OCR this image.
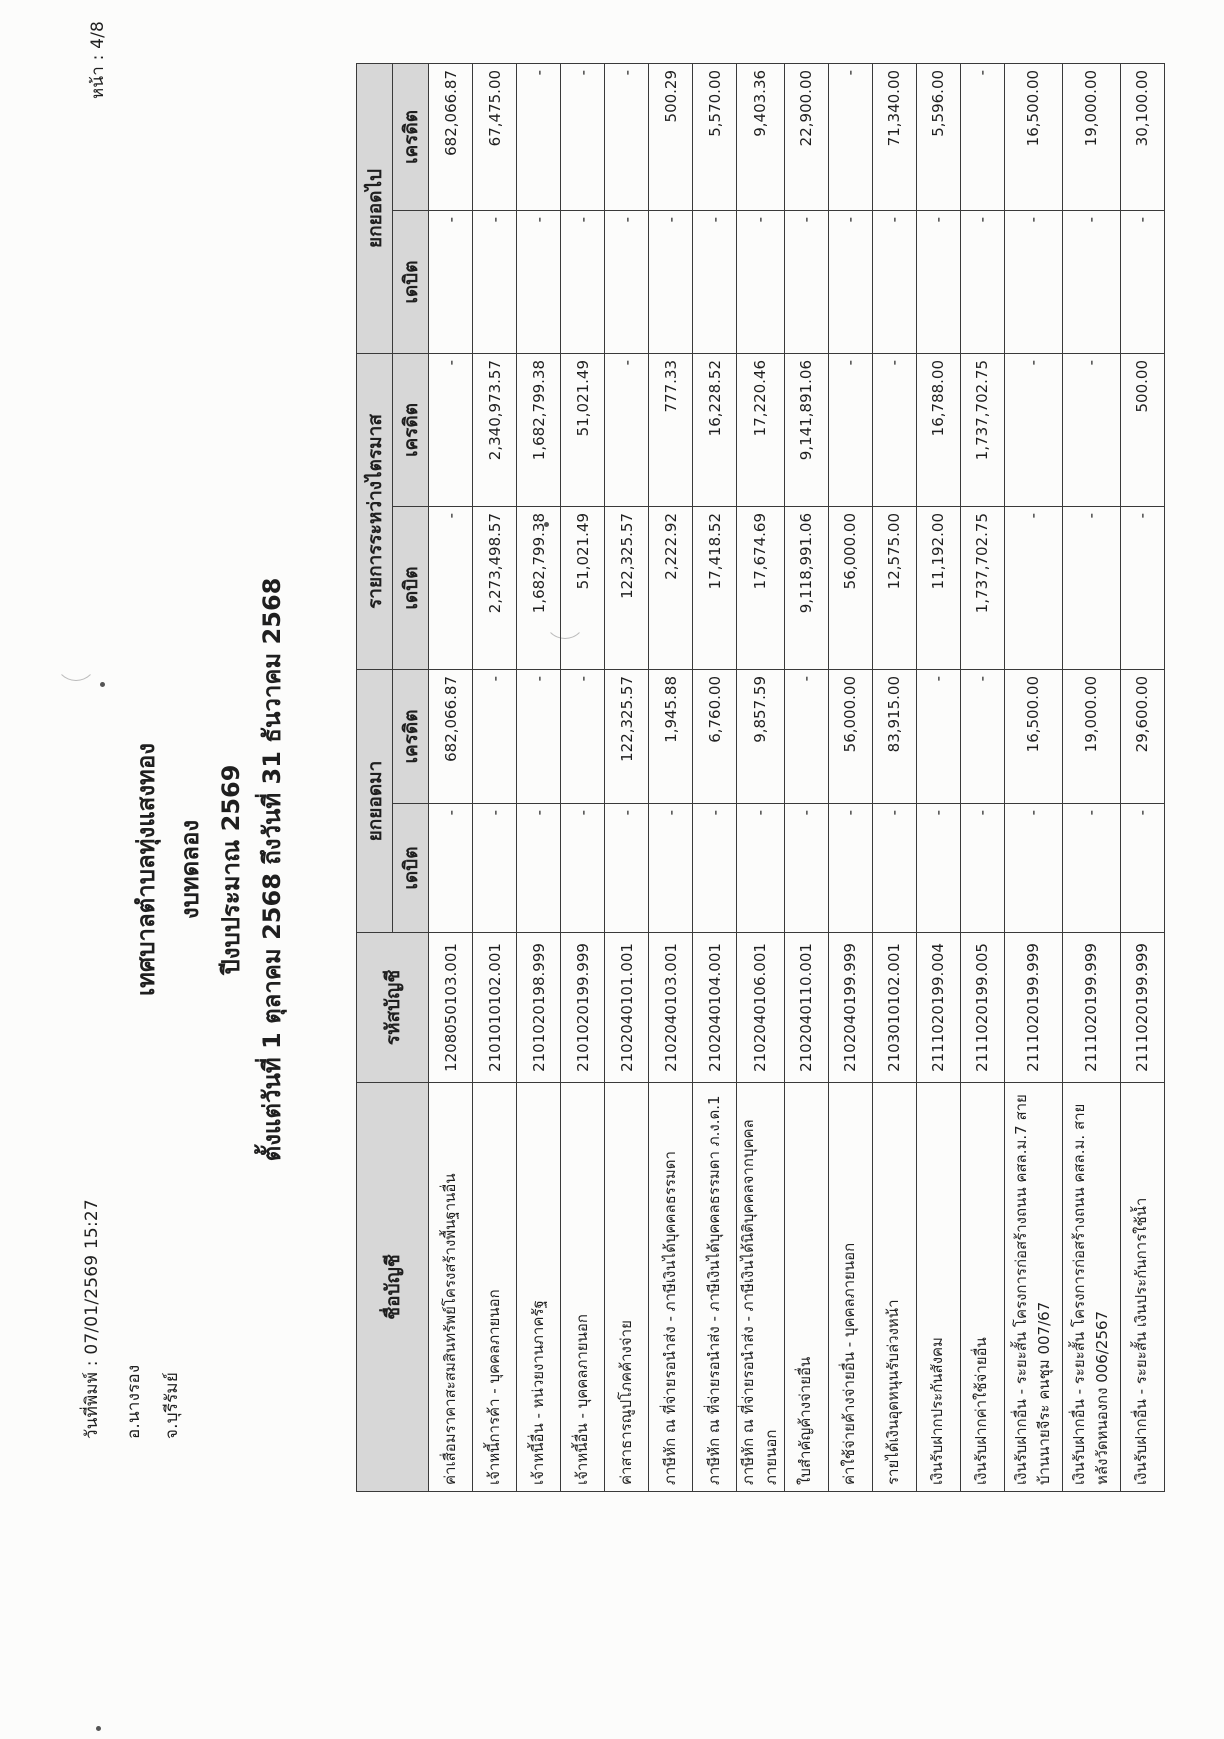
วันที่พิมพ์ : 07/01/2569 15:27 อ.นางรอง จ.บุรีรัมย์
หน้า : 4/8
เทศบาลตำบลทุ่งแสงทอง งบทดลอง ปีงบประมาณ 2569 ตั้งแต่วันที่ 1 ตุลาคม 2568 ถึงวันที่ 31 ธันวาคม 2568
ชื่อบัญชี	รหัสบัญชี	ยกยอดมา		รายการระหว่างไตรมาส		ยกยอดไป	
		เดบิต	เครดิต	เดบิต	เครดิต	เดบิต	เครดิต
ค่าเสื่อมราคาสะสมสินทรัพย์โครงสร้างพื้นฐานอื่น	1208050103.001	-	682,066.87	-	-	-	682,066.87
เจ้าหนี้การค้า - บุคคลภายนอก	2101010102.001	-	-	2,273,498.57	2,340,973.57	-	67,475.00
เจ้าหนี้อื่น - หน่วยงานภาครัฐ	2101020198.999	-	-	1,682,799.38	1,682,799.38	-	-
เจ้าหนี้อื่น - บุคคลภายนอก	2101020199.999	-	-	51,021.49	51,021.49	-	-
ค่าสาธารณูปโภคค้างจ่าย	2102040101.001	-	122,325.57	122,325.57	-	-	-
ภาษีหัก ณ ที่จ่ายรอนำส่ง - ภาษีเงินได้บุคคลธรรมดา	2102040103.001	-	1,945.88	2,222.92	777.33	-	500.29
ภาษีหัก ณ ที่จ่ายรอนำส่ง - ภาษีเงินได้บุคคลธรรมดา ภ.ง.ด.1	2102040104.001	-	6,760.00	17,418.52	16,228.52	-	5,570.00
ภาษีหัก ณ ที่จ่ายรอนำส่ง - ภาษีเงินได้นิติบุคคลจากบุคคลภายนอก	2102040106.001	-	9,857.59	17,674.69	17,220.46	-	9,403.36
ใบสำคัญค้างจ่ายอื่น	2102040110.001	-	-	9,118,991.06	9,141,891.06	-	22,900.00
ค่าใช้จ่ายค้างจ่ายอื่น - บุคคลภายนอก	2102040199.999	-	56,000.00	56,000.00	-	-	-
รายได้เงินอุดหนุนรับล่วงหน้า	2103010102.001	-	83,915.00	12,575.00	-	-	71,340.00
เงินรับฝากประกันสังคม	2111020199.004	-	-	11,192.00	16,788.00	-	5,596.00
เงินรับฝากค่าใช้จ่ายอื่น	2111020199.005	-	-	1,737,702.75	1,737,702.75	-	-
เงินรับฝากอื่น - ระยะสั้น โครงการก่อสร้างถนน คสล.ม.7 สายบ้านนายจีระ คนชุม 007/67	2111020199.999	-	16,500.00	-	-	-	16,500.00
เงินรับฝากอื่น - ระยะสั้น โครงการก่อสร้างถนน คสล.ม. สายหลังวัดหนองกง 006/2567	2111020199.999	-	19,000.00	-	-	-	19,000.00
เงินรับฝากอื่น - ระยะสั้น เงินประกันการใช้น้ำ	2111020199.999	-	29,600.00	-	500.00	-	30,100.00
